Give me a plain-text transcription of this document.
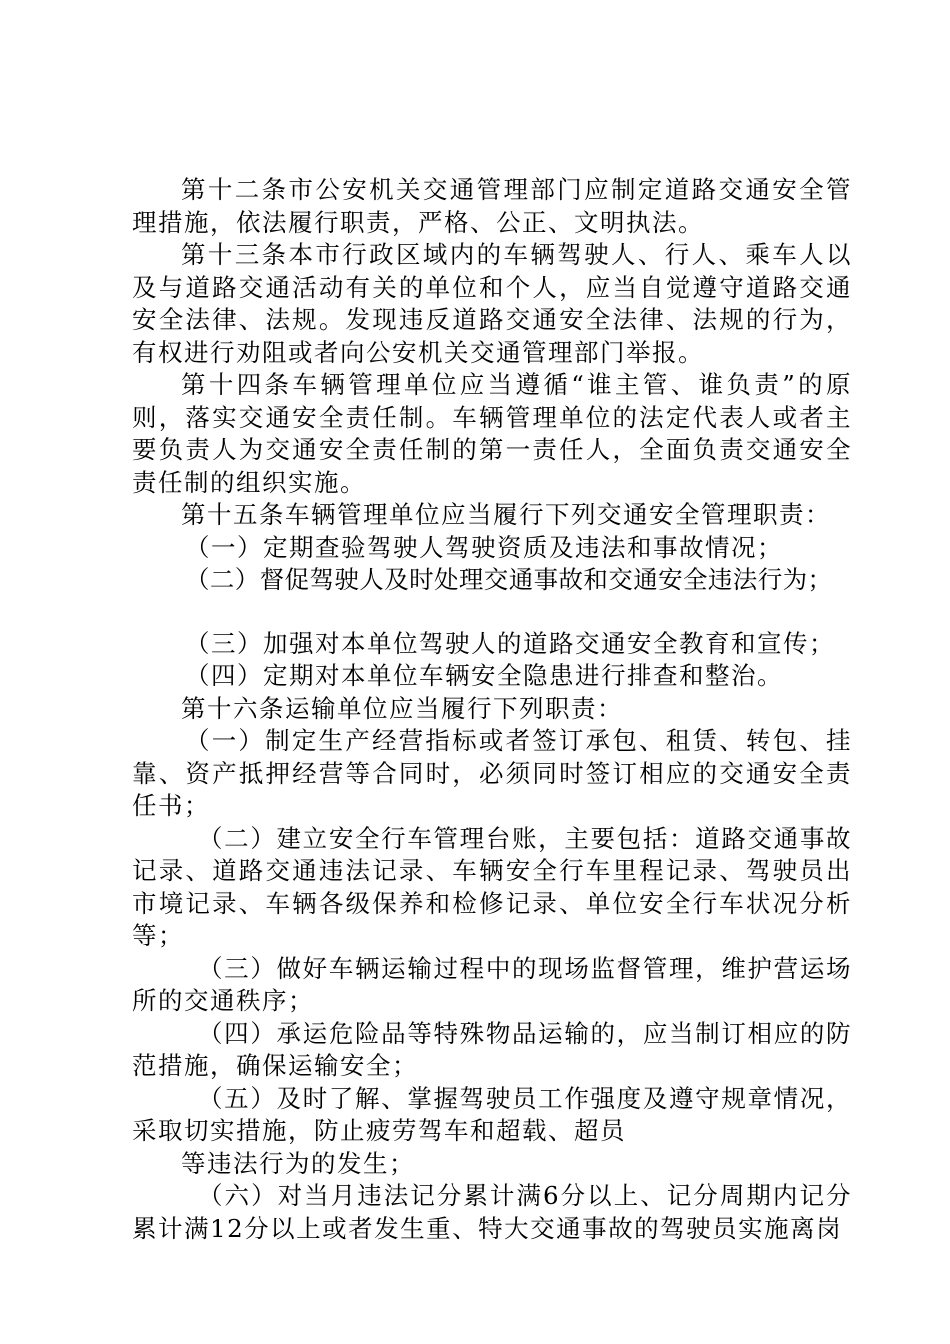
第十二条市公安机关交通管理部门应制定道路交通安全管理措施，依法履行职责，严格、公正、文明执法。

第十三条本市行政区域内的车辆驾驶人、行人、乘车人以及与道路交通活动有关的单位和个人，应当自觉遵守道路交通安全法律、法规。发现违反道路交通安全法律、法规的行为，有权进行劝阻或者向公安机关交通管理部门举报。

第十四条车辆管理单位应当遵循“谁主管、谁负责”的原则，落实交通安全责任制。车辆管理单位的法定代表人或者主要负责人为交通安全责任制的第一责任人，全面负责交通安全责任制的组织实施。

第十五条车辆管理单位应当履行下列交通安全管理职责：

（一）定期查验驾驶人驾驶资质及违法和事故情况；

（二）督促驾驶人及时处理交通事故和交通安全违法行为；

（三）加强对本单位驾驶人的道路交通安全教育和宣传；

（四）定期对本单位车辆安全隐患进行排查和整治。

第十六条运输单位应当履行下列职责：

（一）制定生产经营指标或者签订承包、租赁、转包、挂靠、资产抵押经营等合同时，必须同时签订相应的交通安全责任书；

（二）建立安全行车管理台账，主要包括：道路交通事故记录、道路交通违法记录、车辆安全行车里程记录、驾驶员出市境记录、车辆各级保养和检修记录、单位安全行车状况分析等；

（三）做好车辆运输过程中的现场监督管理，维护营运场所的交通秩序；

（四）承运危险品等特殊物品运输的，应当制订相应的防范措施，确保运输安全；

（五）及时了解、掌握驾驶员工作强度及遵守规章情况，采取切实措施，防止疲劳驾车和超载、超员

等违法行为的发生；

（六）对当月违法记分累计满6分以上、记分周期内记分累计满12分以上或者发生重、特大交通事故的驾驶员实施离岗
